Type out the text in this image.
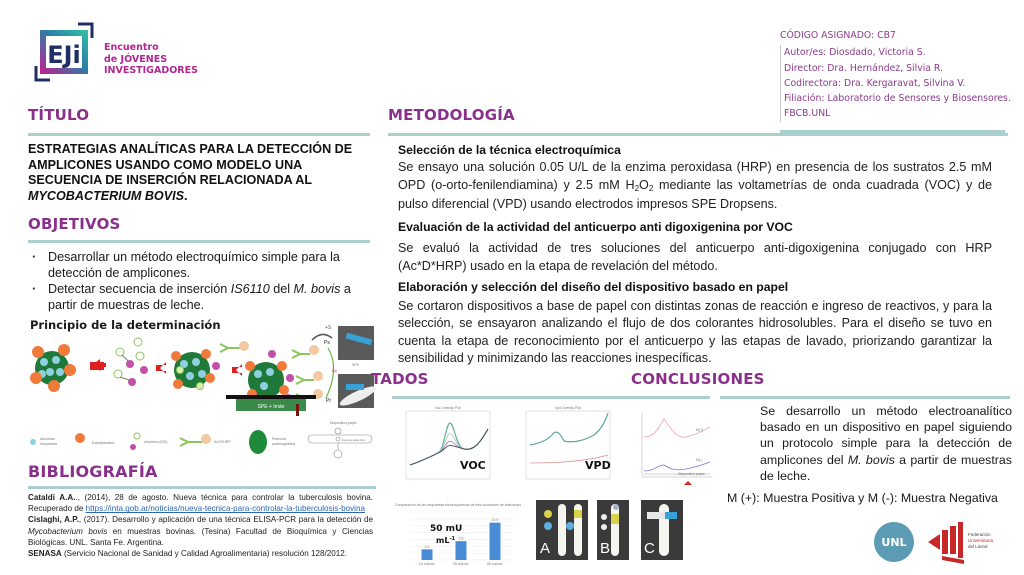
EJi Encuentro
de JÓVENES
INVESTIGADORES
CÓDIGO ASIGNADO: CB7
Autor/es: Diosdado, Victoria S.
Director: Dra. Hernández, Silvia R.
Codirectora: Dra. Kergaravat, Silvina V.
Filiación: Laboratorio de Sensores y Biosensores.
FBCB.UNL
TÍTULO
ESTRATEGIAS ANALÍTICAS PARA LA DETECCIÓN DE
AMPLICONES USANDO COMO MODELO UNA
SECUENCIA DE INSERCIÓN RELACIONADA AL
MYCOBACTERIUM BOVIS.
OBJETIVOS
· Desarrollar un método electroquímico simple para la detección de amplicones.
· Detectar secuencia de inserción IS6110 del M. bovis a partir de muestras de leche.
Principio de la determinación	+S
Ps
Pr
Ep
SPE + Imán
SPE
Albumina
bloqueante	Estreptavidina	Amplicon (B/D)	Ac*D*HRP
Partícula
paramagnética
Dispositivo papel
Zona de detección
BIBLIOGRAFÍA
Cataldi A.A.., (2014), 28 de agosto. Nueva técnica para controlar la tuberculosis bovina. Recuperado de https://inta.gob.ar/noticias/nueva-tecnica-para-controlar-la-tuberculosis-bovina
Cislaghi, A.P., (2017). Desarrollo y aplicación de una técnica ELISA-PCR para la detección de Mycobacterium bovis en muestras bovinas. (Tesina) Facultad de Bioquímica y Ciencias Biológicas. UNL. Santa Fe. Argentina.
SENASA (Servicio Nacional de Sanidad y Calidad Agroalimentaria) resolución 128/2012.
METODOLOGÍA
Selección de la técnica electroquímica
Se ensayo una solución 0.05 U/L de la enzima peroxidasa (HRP) en presencia de los sustratos 2.5 mM OPD (o-orto-fenilendiamina) y 2.5 mM $H_2O_2$ mediante las voltametrías de onda cuadrada (VOC) y de pulso diferencial (VPD) usando electrodos impresos SPE Dropsens.
Evaluación de la actividad del anticuerpo anti digoxigenina por VOC
Se evaluó la actividad de tres soluciones del anticuerpo anti-digoxigenina conjugado con HRP (Ac*D*HRP) usado en la etapa de revelación del método.
Elaboración y selección del diseño del dispositivo basado en papel
Se cortaron dispositivos a base de papel con distintas zonas de reacción e ingreso de reactivos, y para la selección, se ensayaron analizando el flujo de dos colorantes hidrosolubles. Para el diseño se tuvo en cuenta la etapa de reconocimiento por el anticuerpo y las etapas de lavado, priorizando garantizar la sensibilidad y minimizando las reacciones inespecíficas.
TADOS
Voc Overlay Plot
VOC
Vpd Overlay Plot
VPD
M(+)
M(-)
Dispositivo papel
Comparacion de las respuestas electroquímicas de tres soluciones de anticuerpo
3.1
10 mU/mL
5.5
25 mU/mL
10.9
50 mU/mL
50 mU
$mL^{-1}$
A	B C
CONCLUSIONES
Se desarrollo un método electroanalítico basado en un dispositivo en papel siguiendo un protocolo simple para la detección de amplicones del M. bovis a partir de muestras de leche.
M (+): Muestra Positiva y M (-): Muestra Negativa
UNL
Federación
Universitaria
del Litoral
